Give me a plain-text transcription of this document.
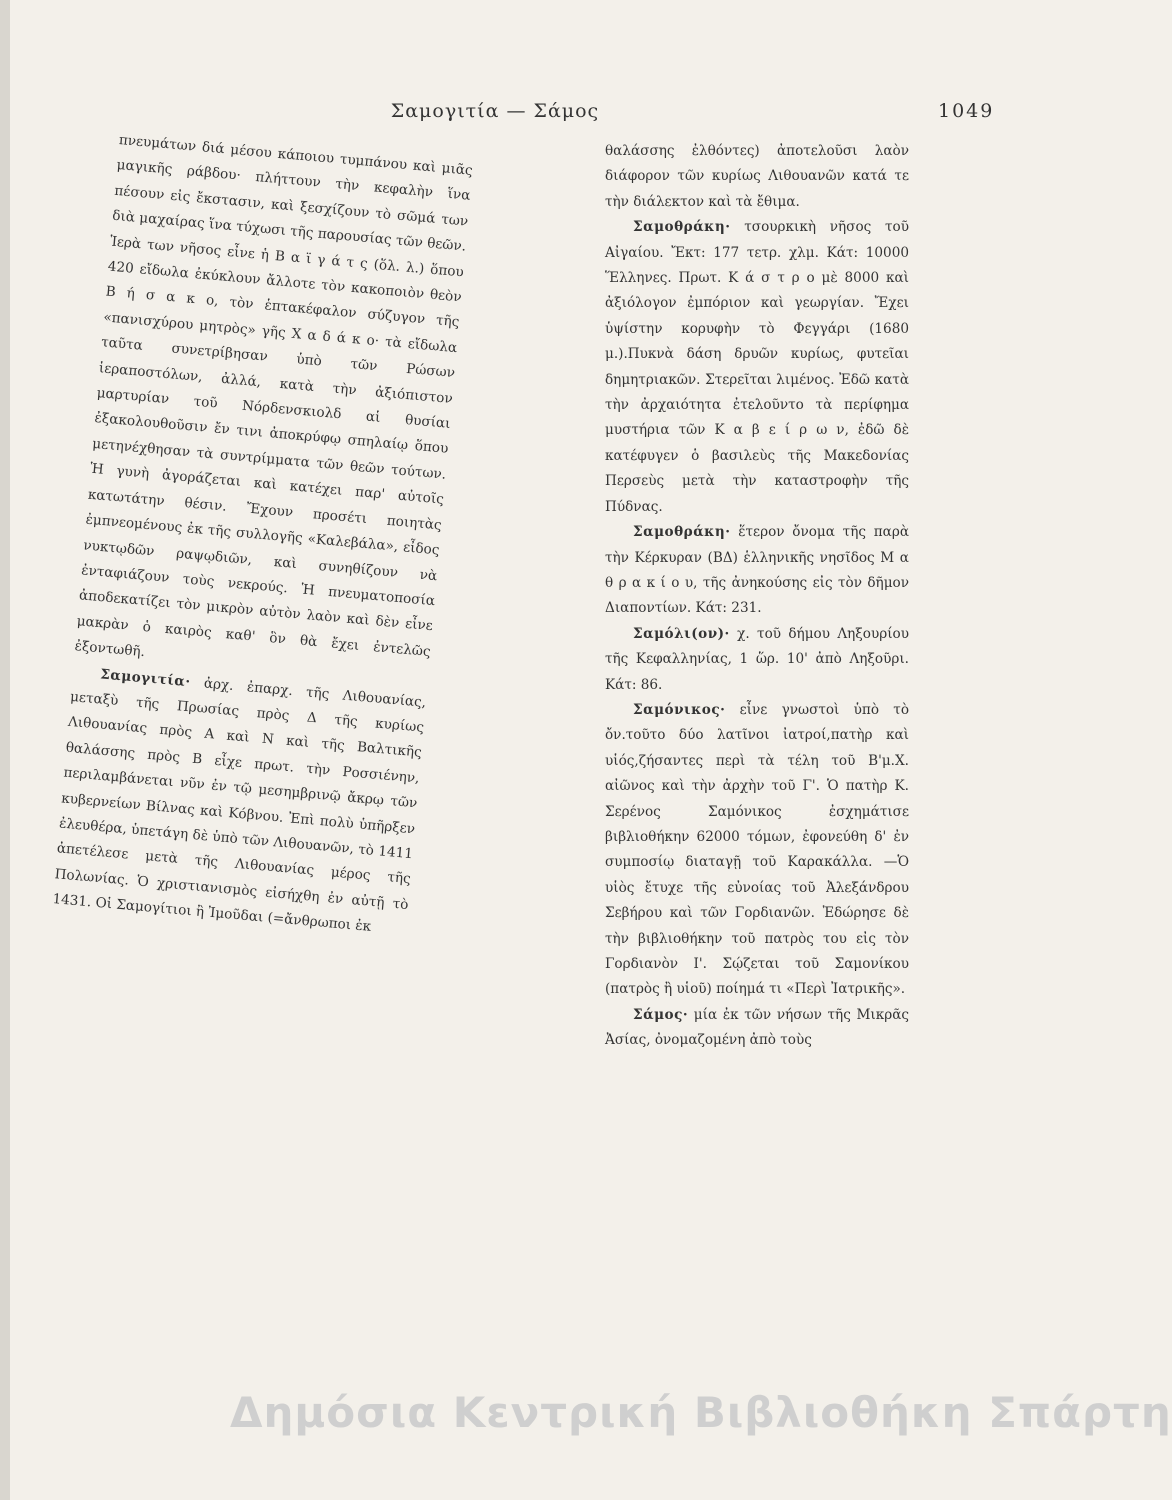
Σαμογιτία — Σάμος	1049

πνευμάτων διά μέσου κάποιου τυμπάνου καὶ μιᾶς μαγικῆς ράβδου· πλήττουν τὴν κεφαλὴν ἵνα πέσουν εἰς ἔκστασιν, καὶ ξεσχίζουν τὸ σῶμά των διὰ μαχαίρας ἵνα τύχωσι τῆς παρουσίας τῶν θεῶν. Ἱερὰ των νῆσος εἶνε ἡ Β α ϊ γ ά τ ς (ὅλ. λ.) ὅπου 420 εἴδωλα ἐκύκλουν ἄλλοτε τὸν κακοποιὸν θεὸν Β ή σ α κ ο, τὸν ἑπτακέφαλον σύζυγον τῆς «πανισχύρου μητρὸς» γῆς Χ α δ ά κ ο· τὰ εἴδωλα ταῦτα συνετρίβησαν ὑπὸ τῶν Ρώσων ἱεραποστόλων, ἀλλά, κατὰ τὴν ἀξιόπιστον μαρτυρίαν τοῦ Νόρδενσκιολδ αἱ θυσίαι ἐξακολουθοῦσιν ἔν τινι ἀποκρύφῳ σπηλαίῳ ὅπου μετηνέχθησαν τὰ συντρίμματα τῶν θεῶν τούτων. Ἡ γυνὴ ἀγοράζεται καὶ κατέχει παρ' αὐτοῖς κατωτάτην θέσιν. Ἔχουν προσέτι ποιητὰς ἐμπνεομένους ἐκ τῆς συλλογῆς «Καλεβάλα», εἶδος νυκτῳδῶν ραψῳδιῶν, καὶ συνηθίζουν νὰ ἐνταφιάζουν τοὺς νεκρούς. Ἡ πνευματοποσία ἀποδεκατίζει τὸν μικρὸν αὐτὸν λαὸν καὶ δὲν εἶνε μακρὰν ὁ καιρὸς καθ' ὃν θὰ ἔχει ἐντελῶς ἐξοντωθῆ.

Σαμογιτία· ἀρχ. ἐπαρχ. τῆς Λιθουανίας, μεταξὺ τῆς Πρωσίας πρὸς Δ τῆς κυρίως Λιθουανίας πρὸς Α καὶ Ν καὶ τῆς Βαλτικῆς θαλάσσης πρὸς Β εἶχε πρωτ. τὴν Ροσσιένην, περιλαμβάνεται νῦν ἐν τῷ μεσημβρινῷ ἄκρῳ τῶν κυβερνείων Βίλνας καὶ Κόβνου. Ἐπὶ πολὺ ὑπῆρξεν ἐλευθέρα, ὑπετάγη δὲ ὑπὸ τῶν Λιθουανῶν, τὸ 1411 ἀπετέλεσε μετὰ τῆς Λιθουανίας μέρος τῆς Πολωνίας. Ὁ χριστιανισμὸς εἰσήχθη ἐν αὐτῇ τὸ 1431. Οἱ Σαμογίτιοι ἢ Ἰμοῦδαι (=ἄνθρωποι ἐκ

θαλάσσης ἐλθόντες) ἀποτελοῦσι λαὸν διάφορον τῶν κυρίως Λιθουανῶν κατά τε τὴν διάλεκτον καὶ τὰ ἔθιμα.

Σαμοθράκη· τσουρκικὴ νῆσος τοῦ Αἰγαίου. Ἔκτ: 177 τετρ. χλμ. Κάτ: 10000 Ἕλληνες. Πρωτ. Κ ά σ τ ρ ο μὲ 8000 καὶ ἀξιόλογον ἐμπόριον καὶ γεωργίαν. Ἔχει ὑψίστην κορυφὴν τὸ Φεγγάρι (1680 μ.).Πυκνὰ δάση δρυῶν κυρίως, φυτεῖαι δημητριακῶν. Στερεῖται λιμένος. Ἐδῶ κατὰ τὴν ἀρχαιότητα ἐτελοῦντο τὰ περίφημα μυστήρια τῶν Κ α β ε ί ρ ω ν, ἐδῶ δὲ κατέφυγεν ὁ βασιλεὺς τῆς Μακεδονίας Περσεὺς μετὰ τὴν καταστροφὴν τῆς Πύδνας.

Σαμοθράκη· ἕτερον ὄνομα τῆς παρὰ τὴν Κέρκυραν (ΒΔ) ἑλληνικῆς νησῖδος Μ α θ ρ α κ ί ο υ, τῆς ἀνηκούσης εἰς τὸν δῆμον Διαποντίων. Κάτ: 231.

Σαμόλι(ον)· χ. τοῦ δήμου Ληξουρίου τῆς Κεφαλληνίας, 1 ὥρ. 10' ἀπὸ Ληξοῦρι. Κάτ: 86.

Σαμόνικος· εἶνε γνωστοὶ ὑπὸ τὸ ὄν.τοῦτο δύο λατῖνοι ἰατροί,πατὴρ καὶ υἱός,ζήσαντες περὶ τὰ τέλη τοῦ Β'μ.Χ. αἰῶνος καὶ τὴν ἀρχὴν τοῦ Γ'. Ὁ πατὴρ Κ. Σερένος Σαμόνικος ἐσχημάτισε βιβλιοθήκην 62000 τόμων, ἐφονεύθη δ' ἐν συμποσίῳ διαταγῇ τοῦ Καρακάλλα. —Ὁ υἱὸς ἔτυχε τῆς εὐνοίας τοῦ Ἀλεξάνδρου Σεβήρου καὶ τῶν Γορδιανῶν. Ἐδώρησε δὲ τὴν βιβλιοθήκην τοῦ πατρὸς του εἰς τὸν Γορδιανὸν Ι'. Σῴζεται τοῦ Σαμονίκου (πατρὸς ἢ υἱοῦ) ποίημά τι «Περὶ Ἰατρικῆς».

Σάμος· μία ἐκ τῶν νήσων τῆς Μικρᾶς Ἀσίας, ὀνομαζομένη ἀπὸ τοὺς

Δημόσια Κεντρική Βιβλιοθήκη Σπάρτη
